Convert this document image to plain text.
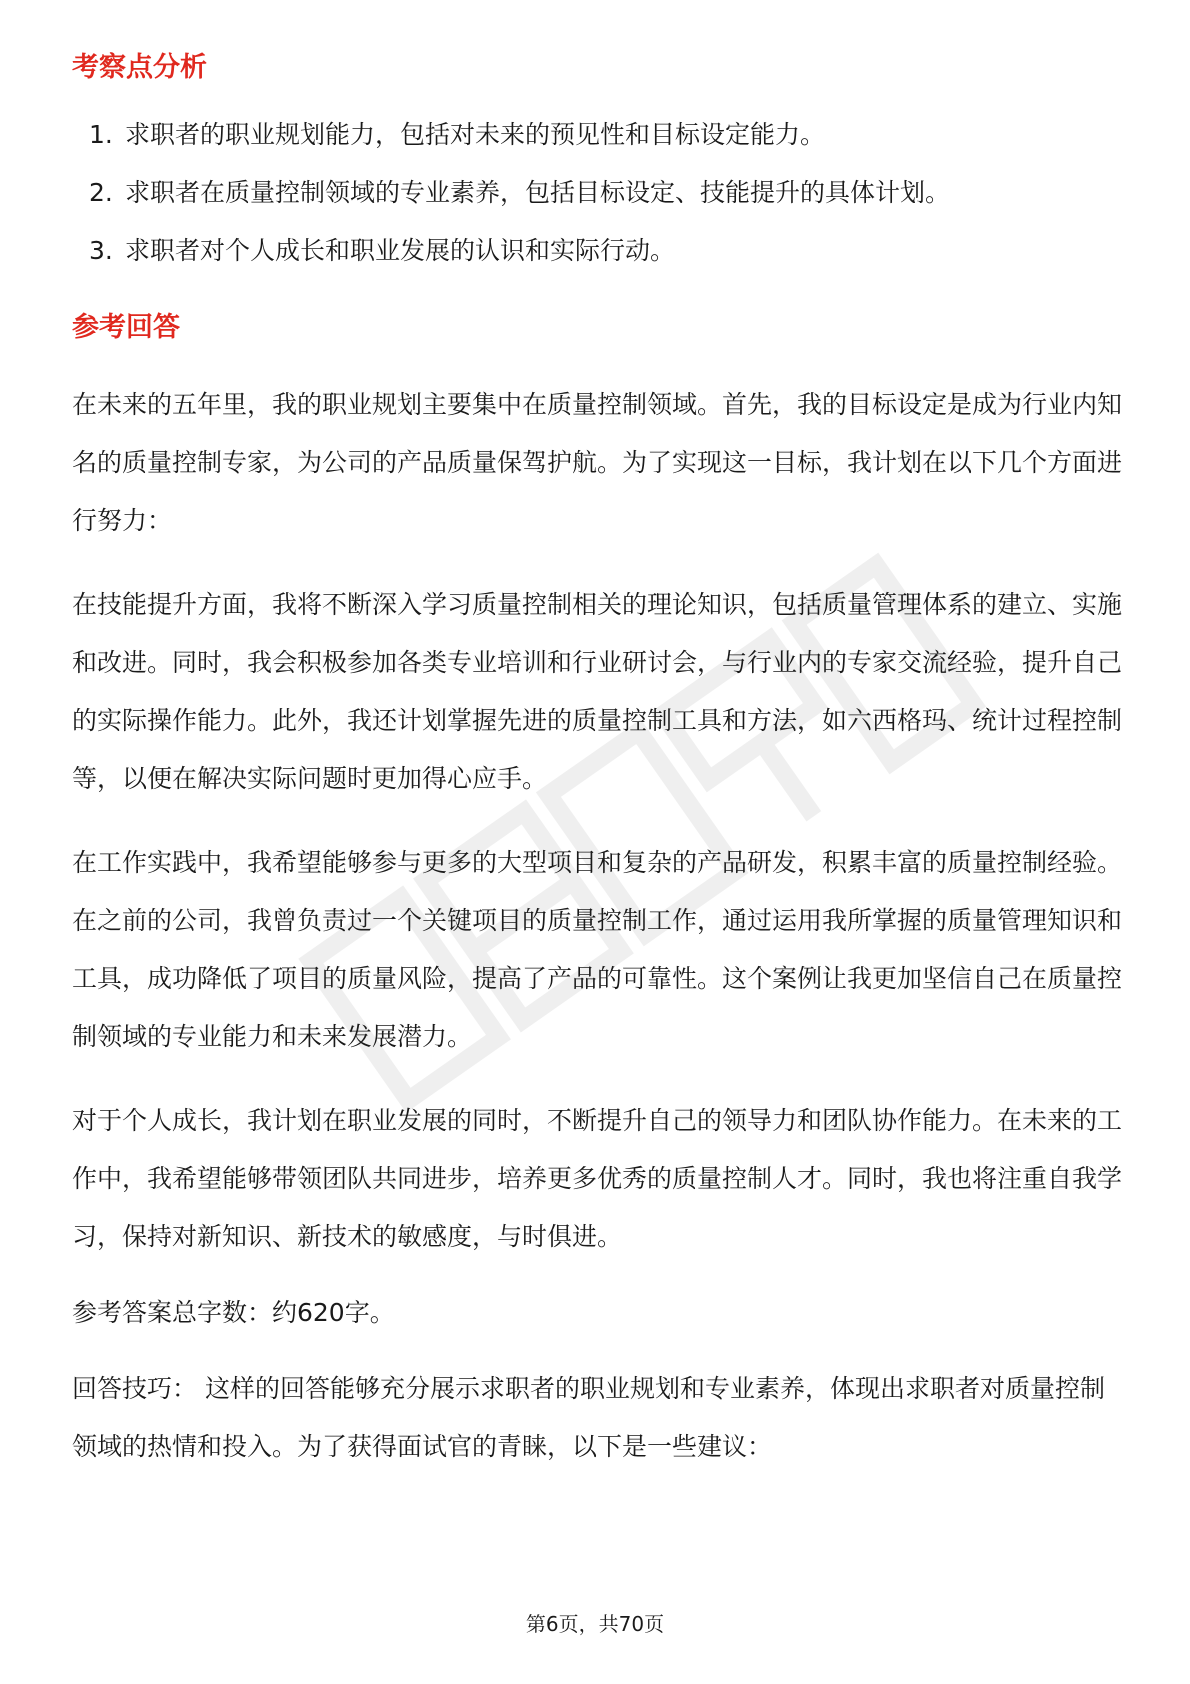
考察点分析
1. 求职者的职业规划能力，包括对未来的预见性和目标设定能力。
2. 求职者在质量控制领域的专业素养，包括目标设定、技能提升的具体计划。
3. 求职者对个人成长和职业发展的认识和实际行动。
参考回答

在未来的五年里，我的职业规划主要集中在质量控制领域。首先，我的目标设定是成为行业内知名的质量控制专家，为公司的产品质量保驾护航。为了实现这一目标，我计划在以下几个方面进行努力：

在技能提升方面，我将不断深入学习质量控制相关的理论知识，包括质量管理体系的建立、实施和改进。同时，我会积极参加各类专业培训和行业研讨会，与行业内的专家交流经验，提升自己的实际操作能力。此外，我还计划掌握先进的质量控制工具和方法，如六西格玛、统计过程控制等，以便在解决实际问题时更加得心应手。

在工作实践中，我希望能够参与更多的大型项目和复杂的产品研发，积累丰富的质量控制经验。在之前的公司，我曾负责过一个关键项目的质量控制工作，通过运用我所掌握的质量管理知识和工具，成功降低了项目的质量风险，提高了产品的可靠性。这个案例让我更加坚信自己在质量控制领域的专业能力和未来发展潜力。

对于个人成长，我计划在职业发展的同时，不断提升自己的领导力和团队协作能力。在未来的工作中，我希望能够带领团队共同进步，培养更多优秀的质量控制人才。同时，我也将注重自我学习，保持对新知识、新技术的敏感度，与时俱进。

参考答案总字数：约620字。

回答技巧： 这样的回答能够充分展示求职者的职业规划和专业素养，体现出求职者对质量控制领域的热情和投入。为了获得面试官的青睐，以下是一些建议：

第6页，共70页
